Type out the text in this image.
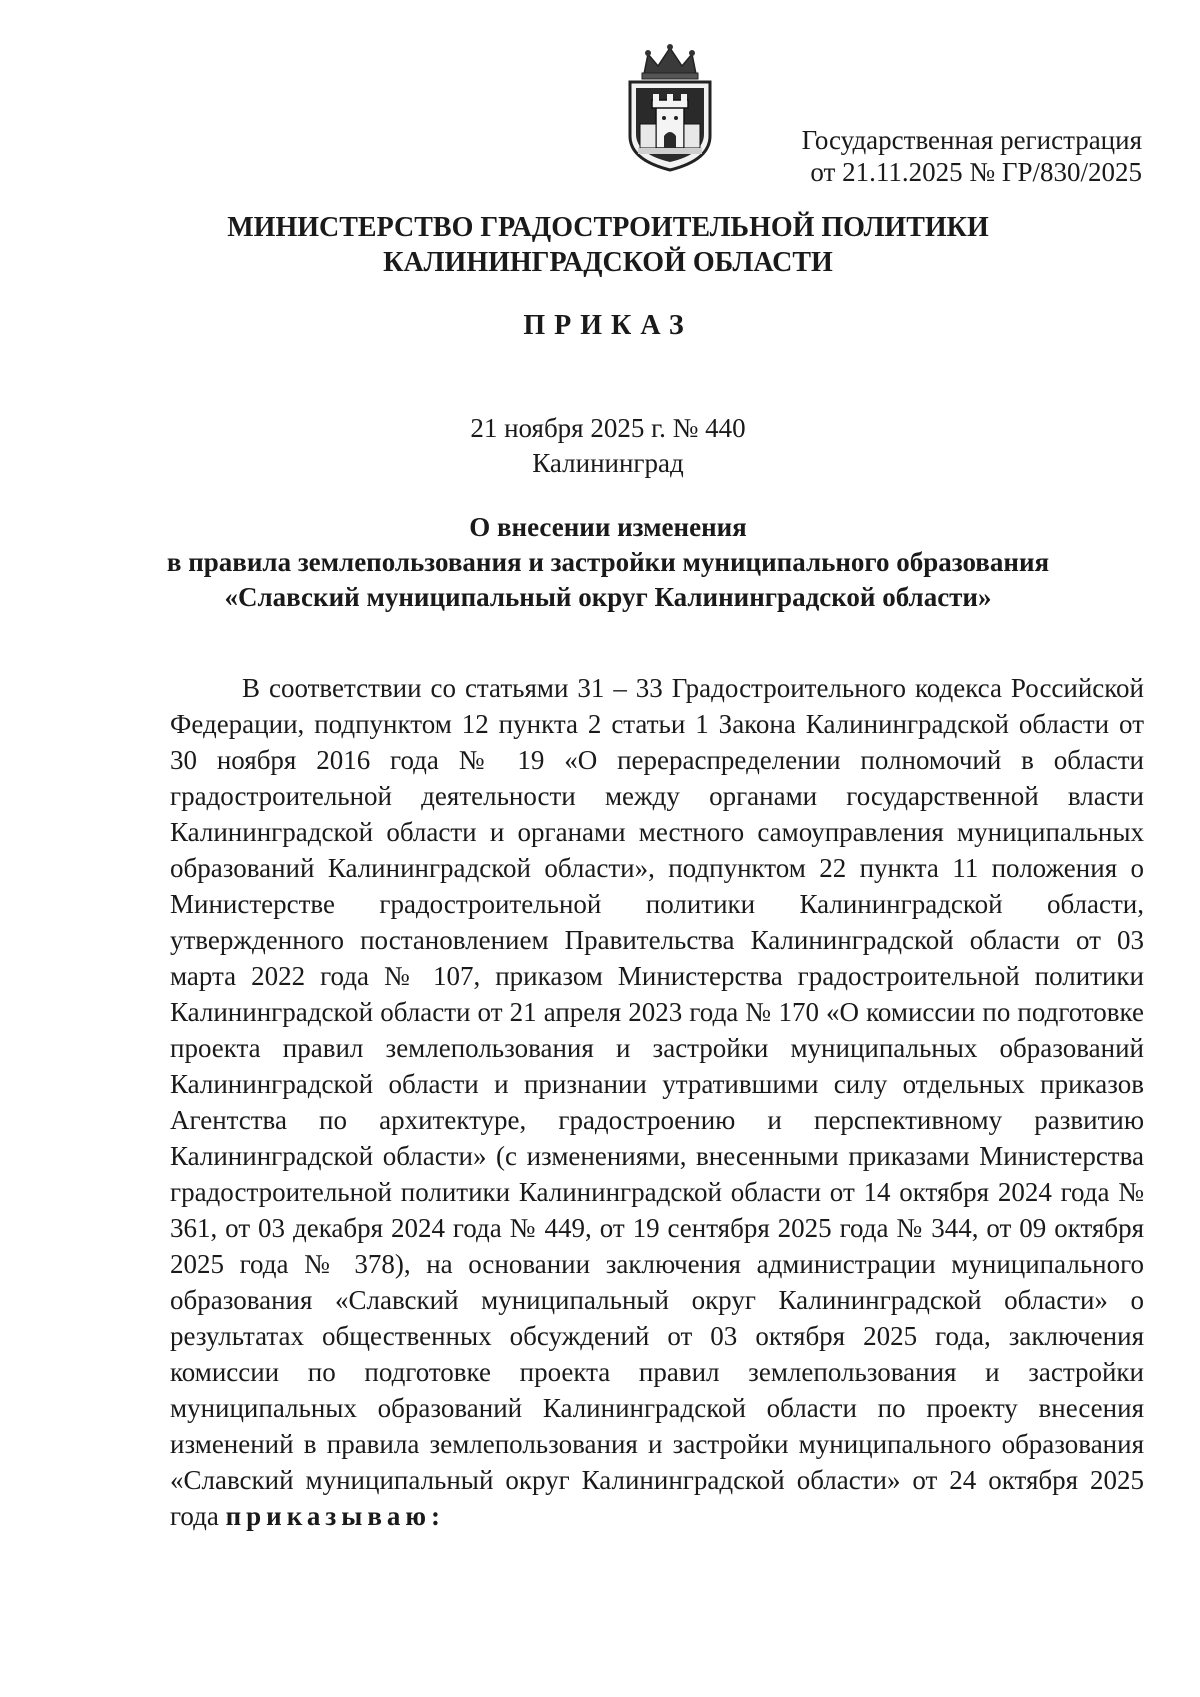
Государственная регистрация
от 21.11.2025 № ГР/830/2025
МИНИСТЕРСТВО ГРАДОСТРОИТЕЛЬНОЙ ПОЛИТИКИ
КАЛИНИНГРАДСКОЙ ОБЛАСТИ
ПРИКАЗ
21 ноября 2025 г. № 440
Калининград
О внесении изменения
в правила землепользования и застройки муниципального образования
«Славский муниципальный округ Калининградской области»

В соответствии со статьями 31 – 33 Градостроительного кодекса Российской Федерации, подпунктом 12 пункта 2 статьи 1 Закона Калининградской области от 30 ноября 2016 года № 19 «О перераспределении полномочий в области градостроительной деятельности между органами государственной власти Калининградской области и органами местного самоуправления муниципальных образований Калининградской области», подпунктом 22 пункта 11 положения о Министерстве градостроительной политики Калининградской области, утвержденного постановлением Правительства Калининградской области от 03 марта 2022 года № 107, приказом Министерства градостроительной политики Калининградской области от 21 апреля 2023 года № 170 «О комиссии по подготовке проекта правил землепользования и застройки муниципальных образований Калининградской области и признании утратившими силу отдельных приказов Агентства по архитектуре, градостроению и перспективному развитию Калининградской области» (с изменениями, внесенными приказами Министерства градостроительной политики Калининградской области от 14 октября 2024 года № 361, от 03 декабря 2024 года № 449, от 19 сентября 2025 года № 344, от 09 октября 2025 года № 378), на основании заключения администрации муниципального образования «Славский муниципальный округ Калининградской области» о результатах общественных обсуждений от 03 октября 2025 года, заключения комиссии по подготовке проекта правил землепользования и застройки муниципальных образований Калининградской области по проекту внесения изменений в правила землепользования и застройки муниципального образования «Славский муниципальный округ Калининградской области» от 24 октября 2025 года приказываю:
